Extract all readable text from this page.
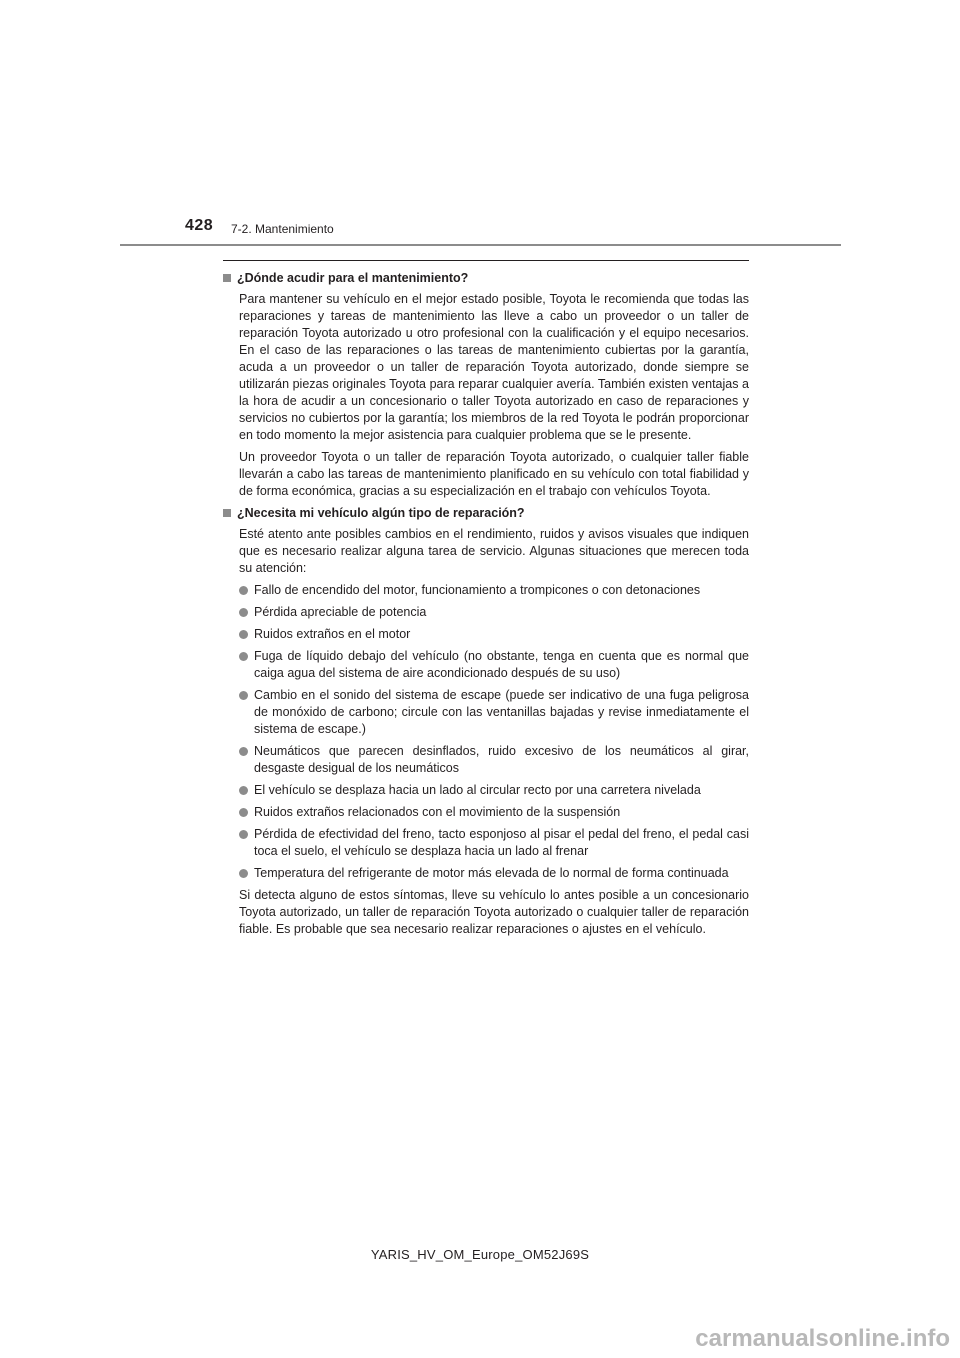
428 7-2. Mantenimiento
¿Dónde acudir para el mantenimiento?

Para mantener su vehículo en el mejor estado posible, Toyota le recomienda que todas las reparaciones y tareas de mantenimiento las lleve a cabo un proveedor o un taller de reparación Toyota autorizado u otro profesional con la cualificación y el equipo necesarios. En el caso de las reparaciones o las tareas de mantenimiento cubiertas por la garantía, acuda a un proveedor o un taller de reparación Toyota autorizado, donde siempre se utilizarán piezas originales Toyota para reparar cualquier avería. También existen ventajas a la hora de acudir a un concesionario o taller Toyota autorizado en caso de reparaciones y servicios no cubiertos por la garantía; los miembros de la red Toyota le podrán proporcionar en todo momento la mejor asistencia para cualquier problema que se le presente.

Un proveedor Toyota o un taller de reparación Toyota autorizado, o cualquier taller fiable llevarán a cabo las tareas de mantenimiento planificado en su vehículo con total fiabilidad y de forma económica, gracias a su especialización en el trabajo con vehículos Toyota.

¿Necesita mi vehículo algún tipo de reparación?

Esté atento ante posibles cambios en el rendimiento, ruidos y avisos visuales que indiquen que es necesario realizar alguna tarea de servicio. Algunas situaciones que merecen toda su atención:

Fallo de encendido del motor, funcionamiento a trompicones o con detonaciones
Pérdida apreciable de potencia
Ruidos extraños en el motor
Fuga de líquido debajo del vehículo (no obstante, tenga en cuenta que es normal que caiga agua del sistema de aire acondicionado después de su uso)
Cambio en el sonido del sistema de escape (puede ser indicativo de una fuga peligrosa de monóxido de carbono; circule con las ventanillas bajadas y revise inmediatamente el sistema de escape.)
Neumáticos que parecen desinflados, ruido excesivo de los neumáticos al girar, desgaste desigual de los neumáticos
El vehículo se desplaza hacia un lado al circular recto por una carretera nivelada
Ruidos extraños relacionados con el movimiento de la suspensión
Pérdida de efectividad del freno, tacto esponjoso al pisar el pedal del freno, el pedal casi toca el suelo, el vehículo se desplaza hacia un lado al frenar
Temperatura del refrigerante de motor más elevada de lo normal de forma continuada

Si detecta alguno de estos síntomas, lleve su vehículo lo antes posible a un concesionario Toyota autorizado, un taller de reparación Toyota autorizado o cualquier taller de reparación fiable. Es probable que sea necesario realizar reparaciones o ajustes en el vehículo.

YARIS_HV_OM_Europe_OM52J69S
carmanualsonline.info
